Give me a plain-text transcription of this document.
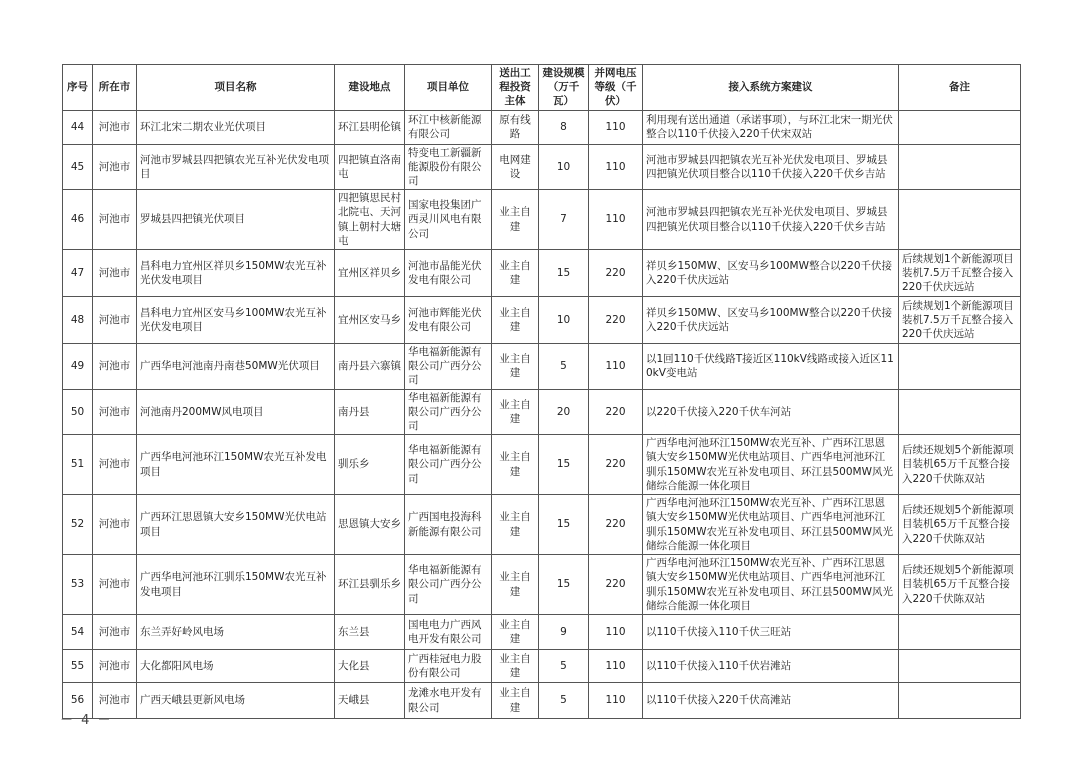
序号	所在市	项目名称	建设地点	项目单位	送出工程投资主体	建设规模（万千瓦）	并网电压等级（千伏）	接入系统方案建议	备注
44	河池市	环江北宋二期农业光伏项目	环江县明伦镇	环江中核新能源有限公司	原有线路	8	110	利用现有送出通道（承诺事项），与环江北宋一期光伏整合以110千伏接入220千伏宋双站	
45	河池市	河池市罗城县四把镇农光互补光伏发电项目	四把镇直洛南屯	特变电工新疆新能源股份有限公司	电网建设	10	110	河池市罗城县四把镇农光互补光伏发电项目、罗城县四把镇光伏项目整合以110千伏接入220千伏乡吉站	
46	河池市	罗城县四把镇光伏项目	四把镇思民村北院屯、天河镇上朝村大塘屯	国家电投集团广西灵川风电有限公司	业主自建	7	110	河池市罗城县四把镇农光互补光伏发电项目、罗城县四把镇光伏项目整合以110千伏接入220千伏乡吉站	
47	河池市	昌科电力宜州区祥贝乡150MW农光互补光伏发电项目	宜州区祥贝乡	河池市晶能光伏发电有限公司	业主自建	15	220	祥贝乡150MW、区安马乡100MW整合以220千伏接入220千伏庆远站	后续规划1个新能源项目装机7.5万千瓦整合接入220千伏庆远站
48	河池市	昌科电力宜州区安马乡100MW农光互补光伏发电项目	宜州区安马乡	河池市辉能光伏发电有限公司	业主自建	10	220	祥贝乡150MW、区安马乡100MW整合以220千伏接入220千伏庆远站	后续规划1个新能源项目装机7.5万千瓦整合接入220千伏庆远站
49	河池市	广西华电河池南丹南巷50MW光伏项目	南丹县六寨镇	华电福新能源有限公司广西分公司	业主自建	5	110	以1回110千伏线路T接近区110kV线路或接入近区110kV变电站	
50	河池市	河池南丹200MW风电项目	南丹县	华电福新能源有限公司广西分公司	业主自建	20	220	以220千伏接入220千伏车河站	
51	河池市	广西华电河池环江150MW农光互补发电项目	驯乐乡	华电福新能源有限公司广西分公司	业主自建	15	220	广西华电河池环江150MW农光互补、广西环江思恩镇大安乡150MW光伏电站项目、广西华电河池环江驯乐150MW农光互补发电项目、环江县500MW风光储综合能源一体化项目	后续还规划5个新能源项目装机65万千瓦整合接入220千伏陈双站
52	河池市	广西环江思恩镇大安乡150MW光伏电站项目	思恩镇大安乡	广西国电投海科新能源有限公司	业主自建	15	220	广西华电河池环江150MW农光互补、广西环江思恩镇大安乡150MW光伏电站项目、广西华电河池环江驯乐150MW农光互补发电项目、环江县500MW风光储综合能源一体化项目	后续还规划5个新能源项目装机65万千瓦整合接入220千伏陈双站
53	河池市	广西华电河池环江驯乐150MW农光互补发电项目	环江县驯乐乡	华电福新能源有限公司广西分公司	业主自建	15	220	广西华电河池环江150MW农光互补、广西环江思恩镇大安乡150MW光伏电站项目、广西华电河池环江驯乐150MW农光互补发电项目、环江县500MW风光储综合能源一体化项目	后续还规划5个新能源项目装机65万千瓦整合接入220千伏陈双站
54	河池市	东兰弄好岭风电场	东兰县	国电电力广西风电开发有限公司	业主自建	9	110	以110千伏接入110千伏三旺站	
55	河池市	大化都阳风电场	大化县	广西桂冠电力股份有限公司	业主自建	5	110	以110千伏接入110千伏岩滩站	
56	河池市	广西天峨县更新风电场	天峨县	龙滩水电开发有限公司	业主自建	5	110	以110千伏接入220千伏高滩站	
－ 4 －
